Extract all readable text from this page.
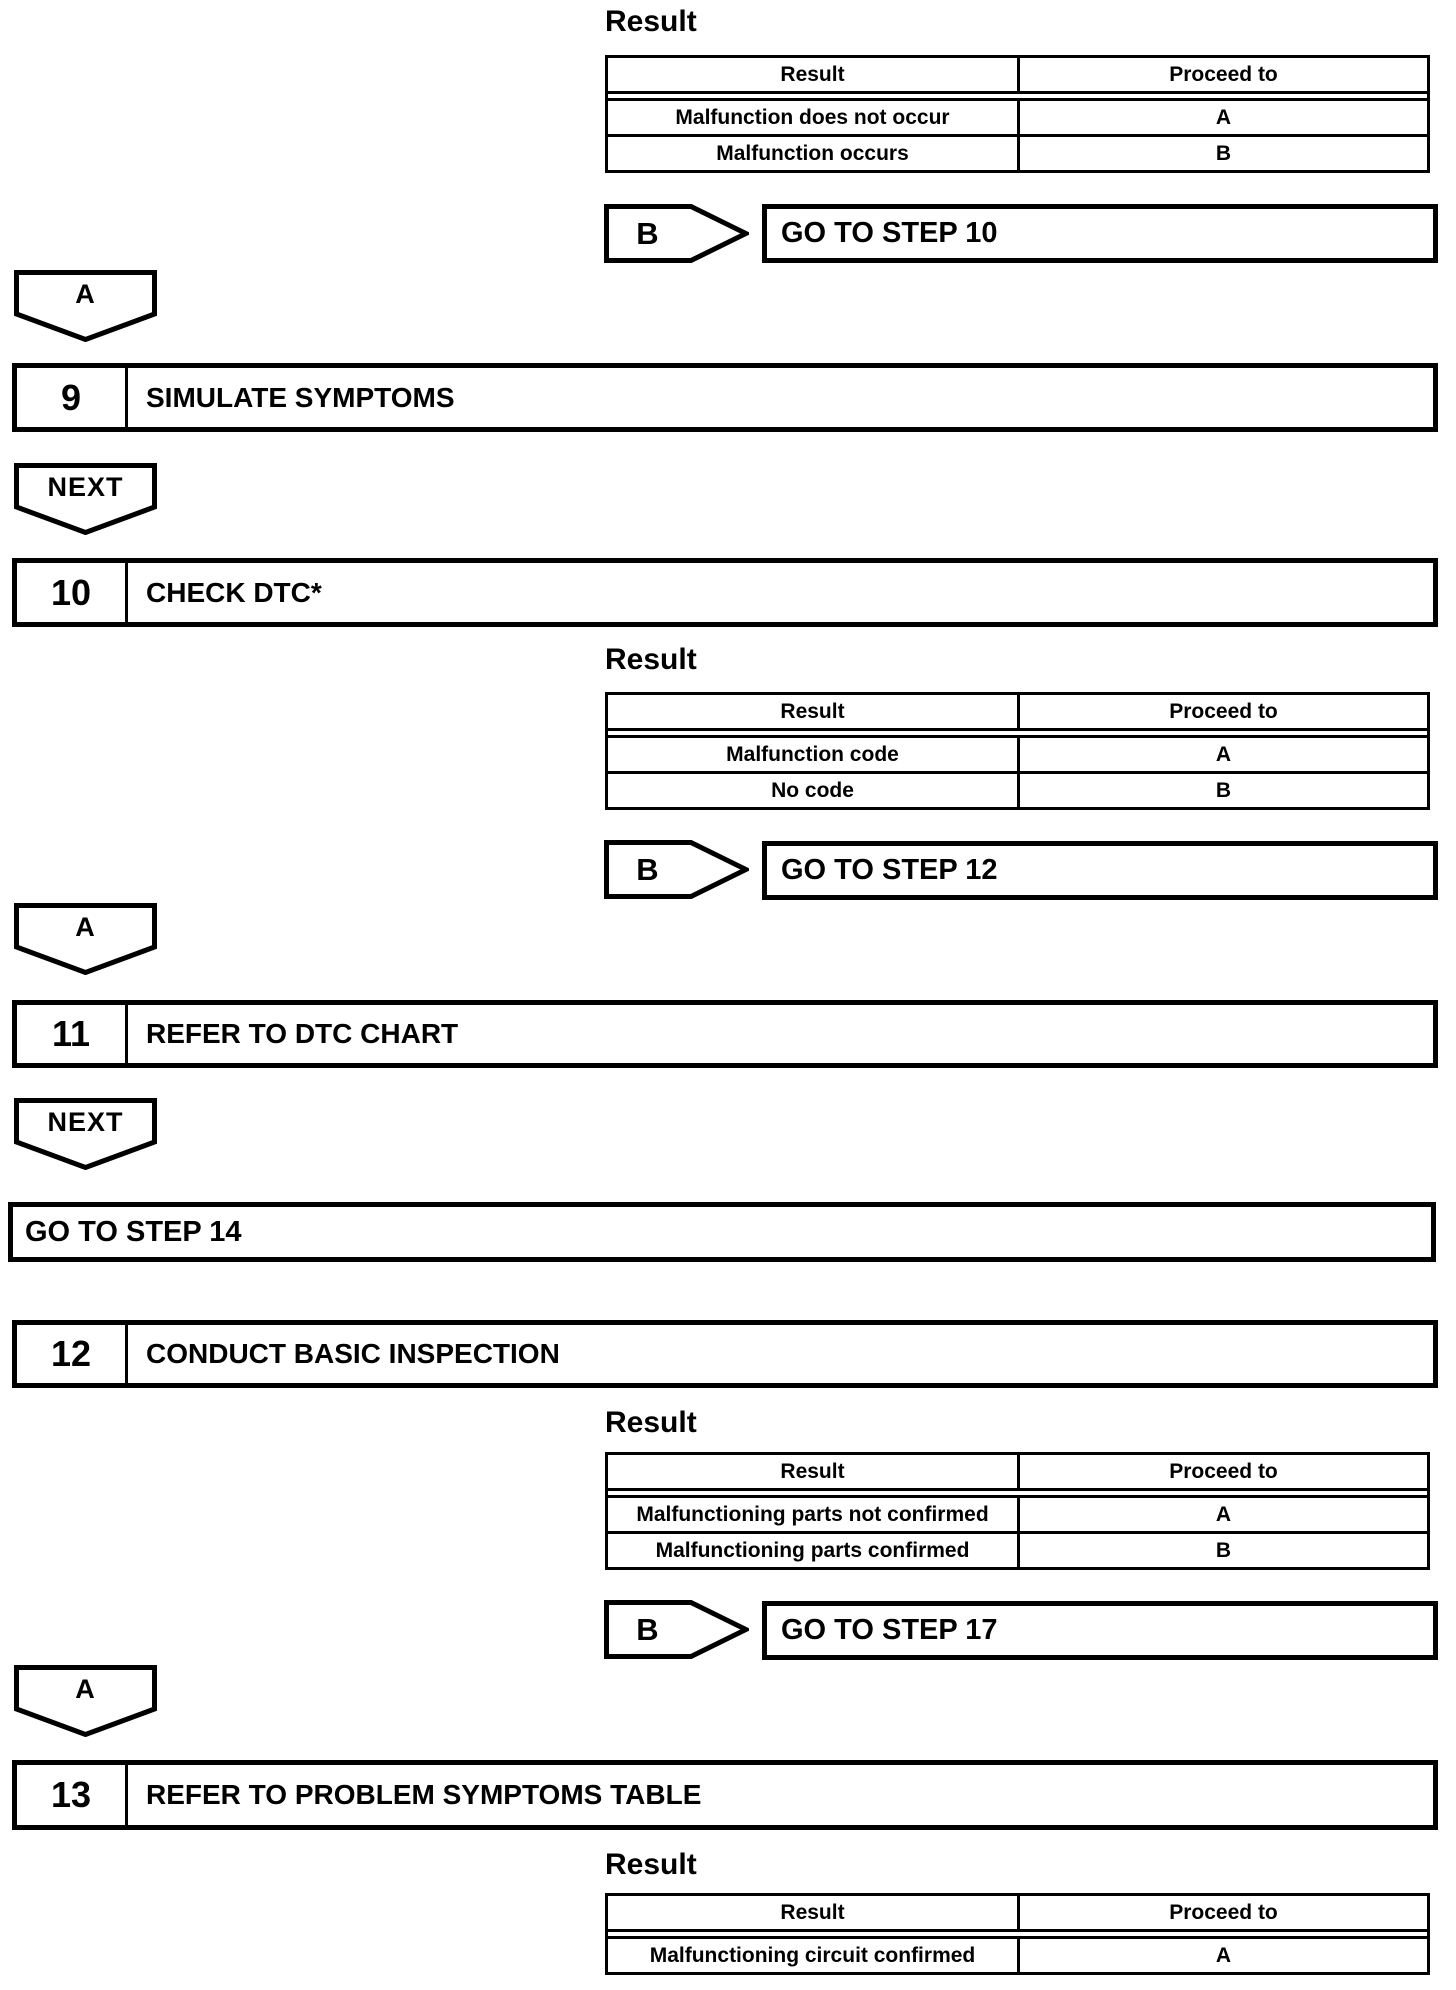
Result
Result	Proceed to
Malfunction does not occur	A
Malfunction occurs	B
B	GO TO STEP 10
A
9	SIMULATE SYMPTOMS
NEXT
10	CHECK DTC*
Result
Result	Proceed to
Malfunction code	A
No code	B
B	GO TO STEP 12
A
11	REFER TO DTC CHART
NEXT
GO TO STEP 14
12	CONDUCT BASIC INSPECTION
Result
Result	Proceed to
Malfunctioning parts not confirmed	A
Malfunctioning parts confirmed	B
B	GO TO STEP 17
A
13	REFER TO PROBLEM SYMPTOMS TABLE
Result
Result	Proceed to
Malfunctioning circuit confirmed	A
